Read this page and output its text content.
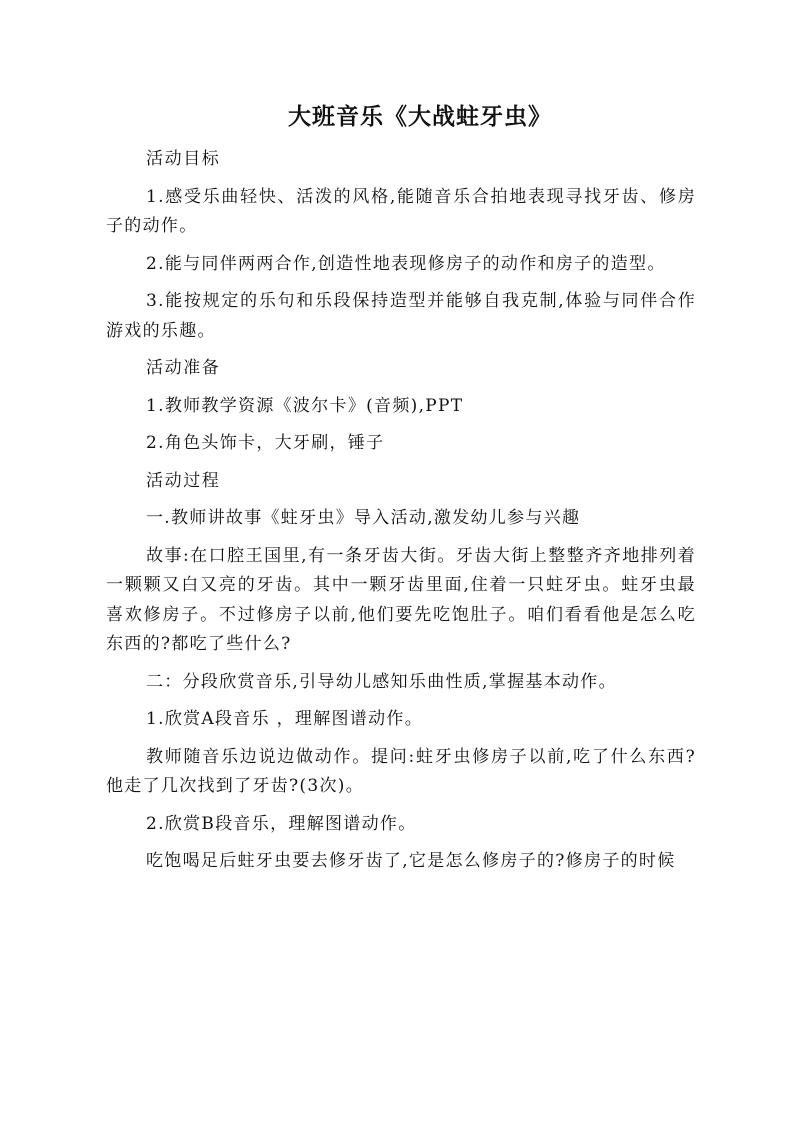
大班音乐《大战蛀牙虫》

活动目标

1.感受乐曲轻快、活泼的风格,能随音乐合拍地表现寻找牙齿、修房子的动作。

2.能与同伴两两合作,创造性地表现修房子的动作和房子的造型。

3.能按规定的乐句和乐段保持造型并能够自我克制,体验与同伴合作游戏的乐趣。

活动准备

1.教师教学资源《波尔卡》(音频),PPT

2.角色头饰卡，大牙刷，锤子

活动过程

一.教师讲故事《蛀牙虫》导入活动,激发幼儿参与兴趣

故事:在口腔王国里,有一条牙齿大街。牙齿大街上整整齐齐地排列着一颗颗又白又亮的牙齿。其中一颗牙齿里面,住着一只蛀牙虫。蛀牙虫最喜欢修房子。不过修房子以前,他们要先吃饱肚子。咱们看看他是怎么吃东西的?都吃了些什么?

二：分段欣赏音乐,引导幼儿感知乐曲性质,掌握基本动作。

1.欣赏A段音乐 ，理解图谱动作。

教师随音乐边说边做动作。提问:蛀牙虫修房子以前,吃了什么东西?他走了几次找到了牙齿?(3次)。

2.欣赏B段音乐，理解图谱动作。

吃饱喝足后蛀牙虫要去修牙齿了,它是怎么修房子的?修房子的时候
